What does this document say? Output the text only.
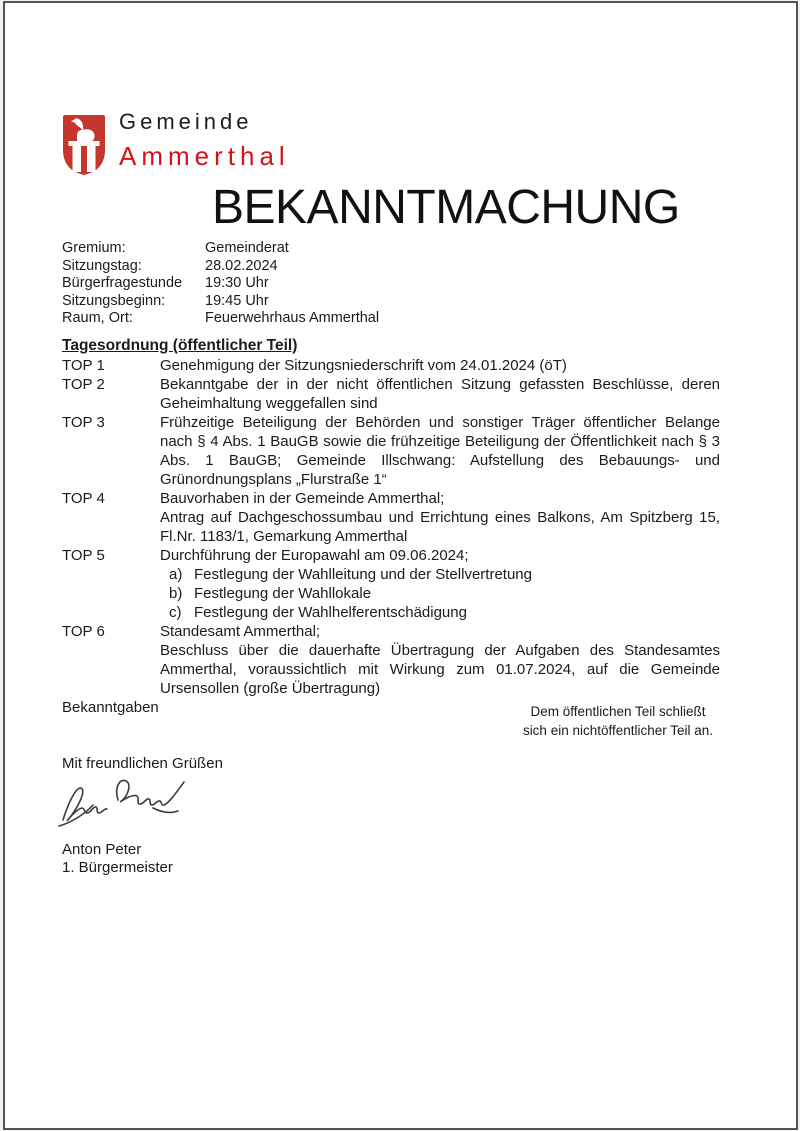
Gemeinde
Ammerthal
BEKANNTMACHUNG
Gremium:	Gemeinderat
Sitzungstag:	28.02.2024
Bürgerfragestunde	19:30 Uhr
Sitzungsbeginn:	19:45 Uhr
Raum, Ort:	Feuerwehrhaus Ammerthal
Tagesordnung (öffentlicher Teil)
TOP 1	Genehmigung der Sitzungsniederschrift vom 24.01.2024 (öT)

TOP 2	Bekanntgabe der in der nicht öffentlichen Sitzung gefassten Beschlüsse, deren Geheimhaltung weggefallen sind

TOP 3	Frühzeitige Beteiligung der Behörden und sonstiger Träger öffentlicher Belange nach § 4 Abs. 1 BauGB sowie die frühzeitige Beteiligung der Öffentlichkeit nach § 3 Abs. 1 BauGB; Gemeinde Illschwang: Aufstellung des Bebauungs- und Grünordnungsplans „Flurstraße 1“

TOP 4	Bauvorhaben in der Gemeinde Ammerthal;

Antrag auf Dachgeschossumbau und Errichtung eines Balkons, Am Spitzberg 15, Fl.Nr. 1183/1, Gemarkung Ammerthal

TOP 5	Durchführung der Europawahl am 09.06.2024;

a) Festlegung der Wahlleitung und der Stellvertretung
b) Festlegung der Wahllokale
c) Festlegung der Wahlhelferentschädigung
TOP 6	Standesamt Ammerthal;

Beschluss über die dauerhafte Übertragung der Aufgaben des Standesamtes Ammerthal, voraussichtlich mit Wirkung zum 01.07.2024, auf die Gemeinde Ursensollen (große Übertragung)

Bekanntgaben	Dem öffentlichen Teil schließt
sich ein nichtöffentlicher Teil an.
Mit freundlichen Grüßen
Anton Peter
1. Bürgermeister
